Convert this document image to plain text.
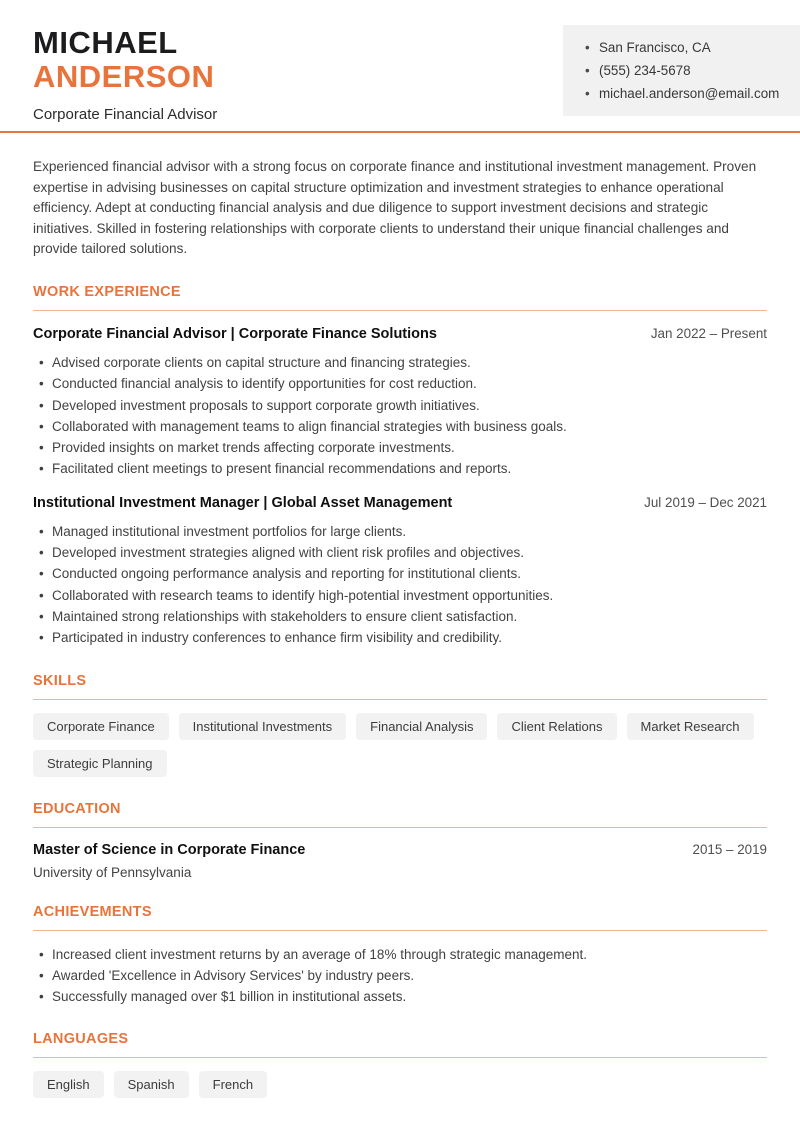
MICHAEL
ANDERSON
Corporate Financial Advisor
• San Francisco, CA
• (555) 234-5678
• michael.anderson@email.com

Experienced financial advisor with a strong focus on corporate finance and institutional investment management. Proven expertise in advising businesses on capital structure optimization and investment strategies to enhance operational efficiency. Adept at conducting financial analysis and due diligence to support investment decisions and strategic initiatives. Skilled in fostering relationships with corporate clients to understand their unique financial challenges and provide tailored solutions.

WORK EXPERIENCE
Corporate Financial Advisor | Corporate Finance Solutions	Jan 2022 – Present
• Advised corporate clients on capital structure and financing strategies.
• Conducted financial analysis to identify opportunities for cost reduction.
• Developed investment proposals to support corporate growth initiatives.
• Collaborated with management teams to align financial strategies with business goals.
• Provided insights on market trends affecting corporate investments.
• Facilitated client meetings to present financial recommendations and reports.
Institutional Investment Manager | Global Asset Management	Jul 2019 – Dec 2021
• Managed institutional investment portfolios for large clients.
• Developed investment strategies aligned with client risk profiles and objectives.
• Conducted ongoing performance analysis and reporting for institutional clients.
• Collaborated with research teams to identify high-potential investment opportunities.
• Maintained strong relationships with stakeholders to ensure client satisfaction.
• Participated in industry conferences to enhance firm visibility and credibility.
SKILLS
Corporate Finance	Institutional Investments	Financial Analysis	Client Relations	Market Research
Strategic Planning
EDUCATION
Master of Science in Corporate Finance	2015 – 2019
University of Pennsylvania
ACHIEVEMENTS
• Increased client investment returns by an average of 18% through strategic management.
• Awarded 'Excellence in Advisory Services' by industry peers.
• Successfully managed over $1 billion in institutional assets.
LANGUAGES
English	Spanish	French
